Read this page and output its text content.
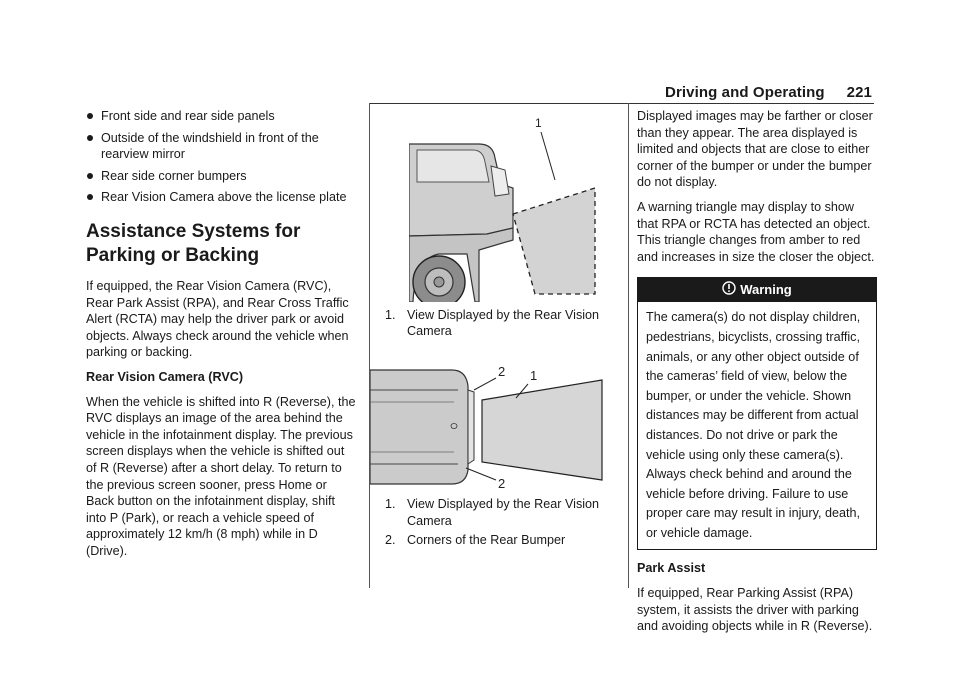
Driving and Operating 221
Front side and rear side panels
Outside of the windshield in front of the rearview mirror
Rear side corner bumpers
Rear Vision Camera above the license plate
Assistance Systems for Parking or Backing

If equipped, the Rear Vision Camera (RVC), Rear Park Assist (RPA), and Rear Cross Traffic Alert (RCTA) may help the driver park or avoid objects. Always check around the vehicle when parking or backing.

Rear Vision Camera (RVC)

When the vehicle is shifted into R (Reverse), the RVC displays an image of the area behind the vehicle in the infotainment display. The previous screen displays when the vehicle is shifted out of R (Reverse) after a short delay. To return to the previous screen sooner, press Home or Back button on the infotainment display, shift into P (Park), or reach a vehicle speed of approximately 12 km/h (8 mph) while in D (Drive).

1
1. View Displayed by the Rear Vision Camera
2 1
2
1. View Displayed by the Rear Vision Camera
2. Corners of the Rear Bumper

Displayed images may be farther or closer than they appear. The area displayed is limited and objects that are close to either corner of the bumper or under the bumper do not display.

A warning triangle may display to show that RPA or RCTA has detected an object. This triangle changes from amber to red and increases in size the closer the object.

Warning
The camera(s) do not display children, pedestrians, bicyclists, crossing traffic, animals, or any other object outside of the cameras’ field of view, below the bumper, or under the vehicle. Shown distances may be different from actual distances. Do not drive or park the vehicle using only these camera(s). Always check behind and around the vehicle before driving. Failure to use proper care may result in injury, death, or vehicle damage.
Park Assist

If equipped, Rear Parking Assist (RPA) system, it assists the driver with parking and avoiding objects while in R (Reverse).
